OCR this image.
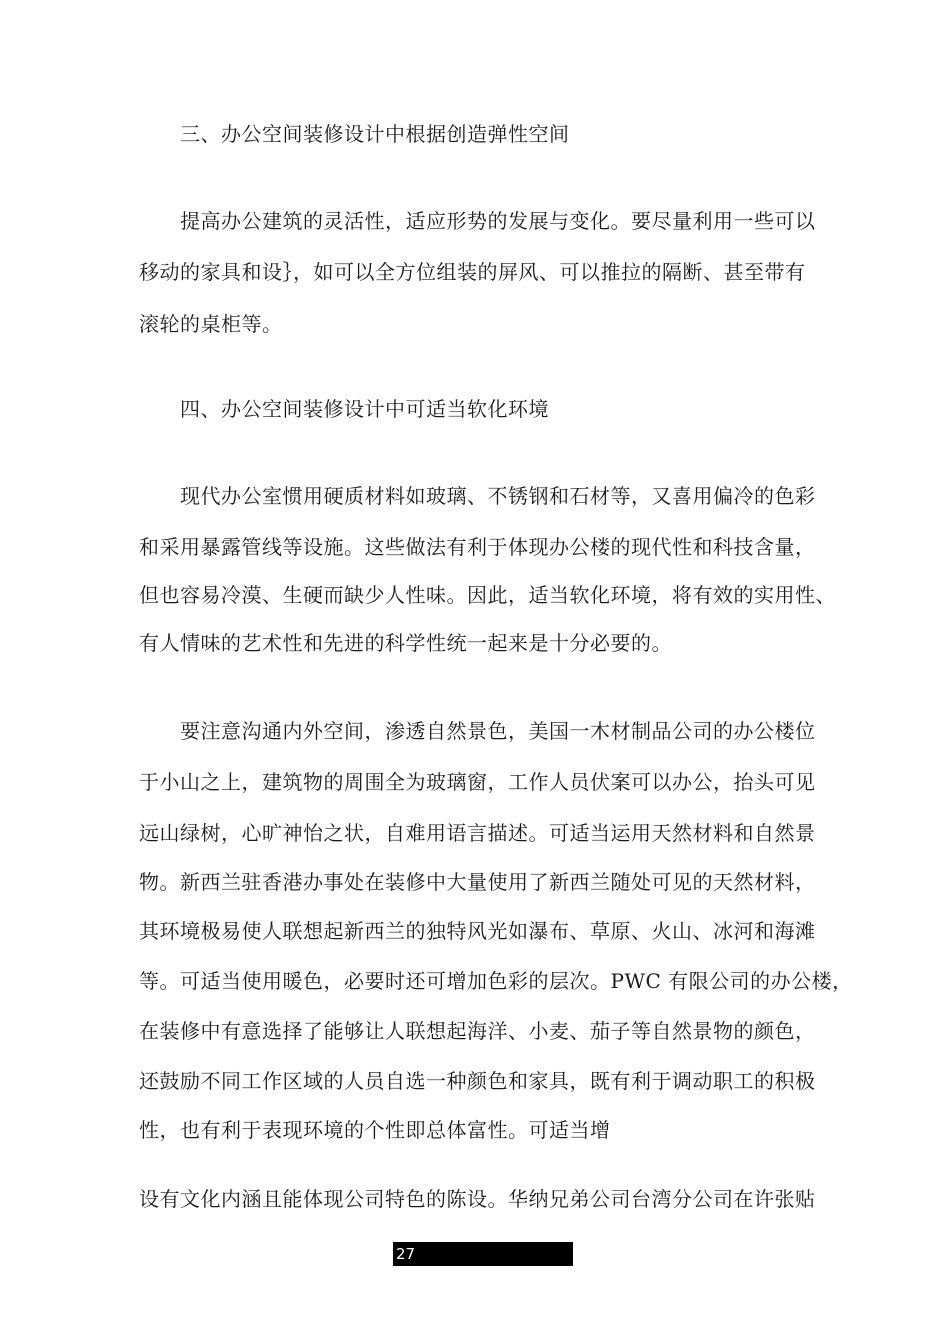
三、办公空间装修设计中根据创造弹性空间
提高办公建筑的灵活性，适应形势的发展与变化。要尽量利用一些可以
移动的家具和设｝，如可以全方位组装的屏风、可以推拉的隔断、甚至带有
滚轮的桌柜等。
四、办公空间装修设计中可适当软化环境
现代办公室惯用硬质材料如玻璃、不锈钢和石材等，又喜用偏冷的色彩
和采用暴露管线等设施。这些做法有利于体现办公楼的现代性和科技含量，
但也容易冷漠、生硬而缺少人性味。因此，适当软化环境，将有效的实用性、
有人情味的艺术性和先进的科学性统一起来是十分必要的。
要注意沟通内外空间，渗透自然景色，美国一木材制品公司的办公楼位
于小山之上，建筑物的周围全为玻璃窗，工作人员伏案可以办公，抬头可见
远山绿树，心旷神怡之状，自难用语言描述。可适当运用天然材料和自然景
物。新西兰驻香港办事处在装修中大量使用了新西兰随处可见的天然材料，
其环境极易使人联想起新西兰的独特风光如瀑布、草原、火山、冰河和海滩
等。可适当使用暖色，必要时还可增加色彩的层次。PWC 有限公司的办公楼，
在装修中有意选择了能够让人联想起海洋、小麦、茄子等自然景物的颜色，
还鼓励不同工作区域的人员自选一种颜色和家具，既有利于调动职工的积极
性，也有利于表现环境的个性即总体富性。可适当增
设有文化内涵且能体现公司特色的陈设。华纳兄弟公司台湾分公司在许张贴
27
